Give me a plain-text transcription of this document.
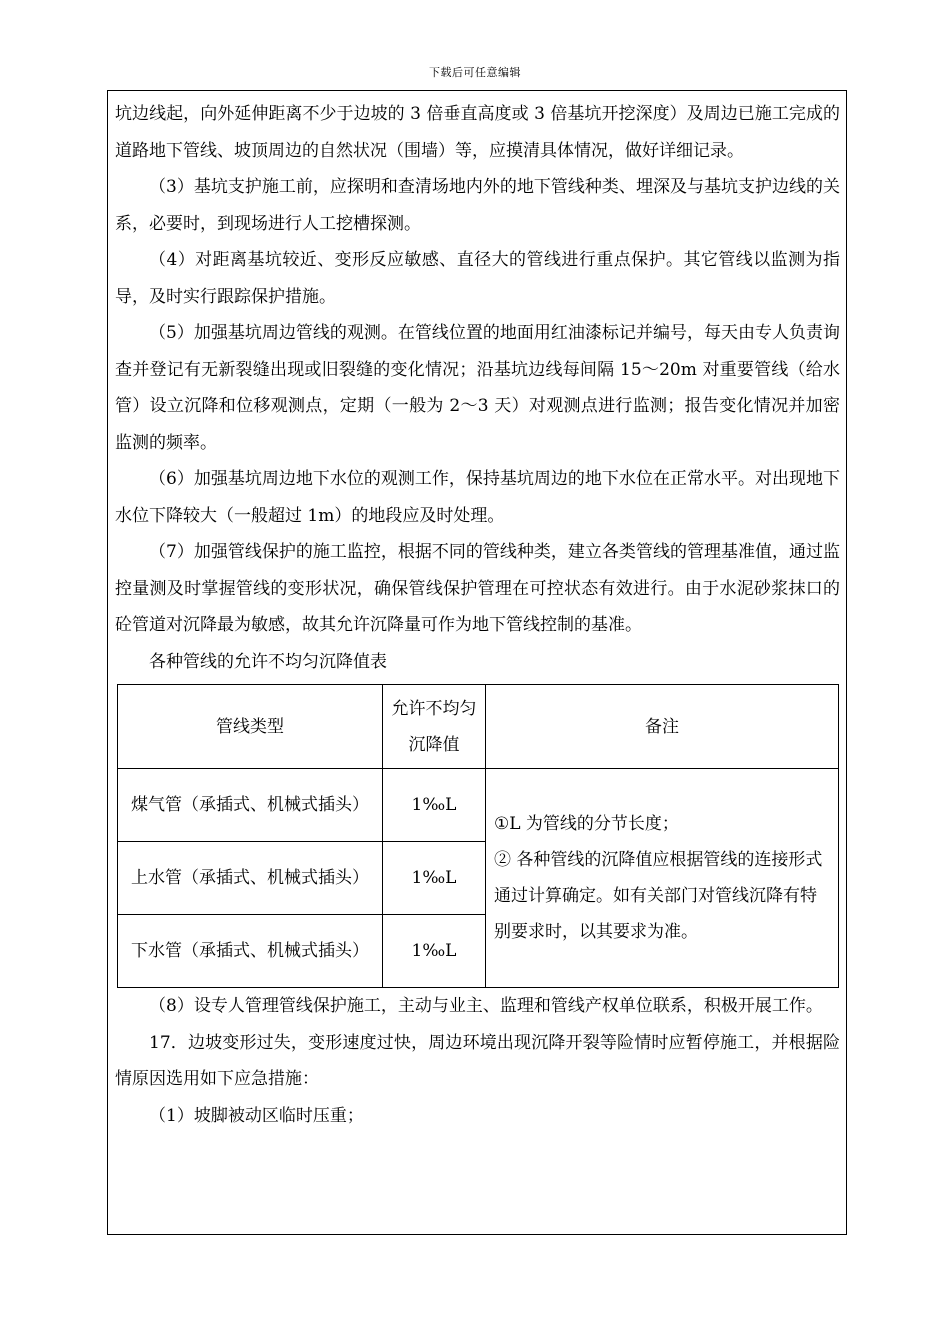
下载后可任意编辑

坑边线起，向外延伸距离不少于边坡的 3 倍垂直高度或 3 倍基坑开挖深度）及周边已施工完成的道路地下管线、坡顶周边的自然状况（围墙）等，应摸清具体情况，做好详细记录。

（3）基坑支护施工前，应探明和查清场地内外的地下管线种类、埋深及与基坑支护边线的关系，必要时，到现场进行人工挖槽探测。

（4）对距离基坑较近、变形反应敏感、直径大的管线进行重点保护。其它管线以监测为指导，及时实行跟踪保护措施。

（5）加强基坑周边管线的观测。在管线位置的地面用红油漆标记并编号，每天由专人负责询查并登记有无新裂缝出现或旧裂缝的变化情况；沿基坑边线每间隔 15～20m 对重要管线（给水管）设立沉降和位移观测点，定期（一般为 2～3 天）对观测点进行监测；报告变化情况并加密监测的频率。

（6）加强基坑周边地下水位的观测工作，保持基坑周边的地下水位在正常水平。对出现地下水位下降较大（一般超过 1m）的地段应及时处理。

（7）加强管线保护的施工监控，根据不同的管线种类，建立各类管线的管理基准值，通过监控量测及时掌握管线的变形状况，确保管线保护管理在可控状态有效进行。由于水泥砂浆抹口的砼管道对沉降最为敏感，故其允许沉降量可作为地下管线控制的基准。

各种管线的允许不均匀沉降值表

管线类型	允许不均匀沉降值	备注
煤气管（承插式、机械式插头）	1‰L	①L 为管线的分节长度；
② 各种管线的沉降值应根据管线的连接形式通过计算确定。如有关部门对管线沉降有特别要求时，以其要求为准。

上水管（承插式、机械式插头）	1‰L	
下水管（承插式、机械式插头）	1‰L	

（8）设专人管理管线保护施工，主动与业主、监理和管线产权单位联系，积极开展工作。

17．边坡变形过失，变形速度过快，周边环境出现沉降开裂等险情时应暂停施工，并根据险情原因选用如下应急措施：

（1）坡脚被动区临时压重；
